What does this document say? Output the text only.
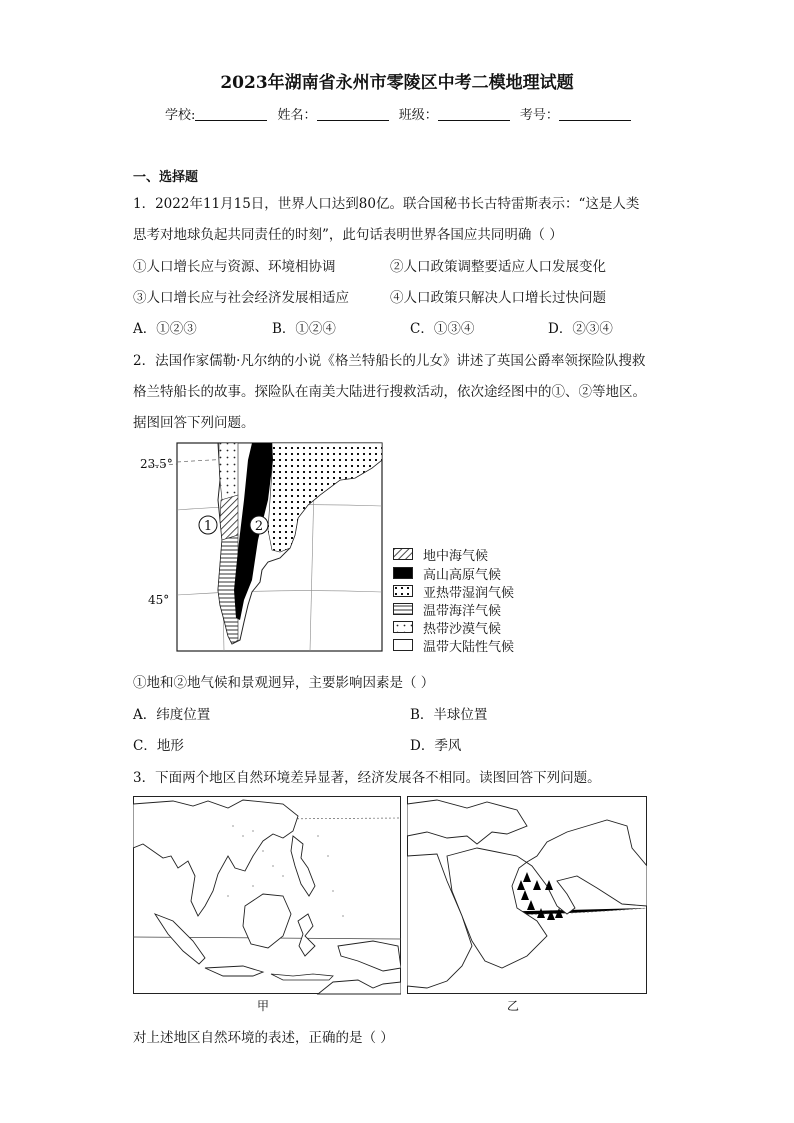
2023年湖南省永州市零陵区中考二模地理试题
学校:	姓名：	班级：	考号：
一、选择题
1．2022年11月15日，世界人口达到80亿。联合国秘书长古特雷斯表示：“这是人类
思考对地球负起共同责任的时刻”，此句话表明世界各国应共同明确（ ）
①人口增长应与资源、环境相协调	②人口政策调整要适应人口发展变化
③人口增长应与社会经济发展相适应	④人口政策只解决人口增长过快问题
A．①②③	B．①②④	C．①③④	D．②③④
2．法国作家儒勒·凡尔纳的小说《格兰特船长的儿女》讲述了英国公爵率领探险队搜救
格兰特船长的故事。探险队在南美大陆进行搜救活动，依次途经图中的①、②等地区。
据图回答下列问题。
23.5°
45°
1	2
地中海气候
高山高原气候
亚热带湿润气候
温带海洋气候
热带沙漠气候
温带大陆性气候
①地和②地气候和景观迥异，主要影响因素是（ ）
A．纬度位置	B．半球位置
C．地形	D．季风
3．下面两个地区自然环境差异显著，经济发展各不相同。读图回答下列问题。
甲	乙
对上述地区自然环境的表述，正确的是（ ）
